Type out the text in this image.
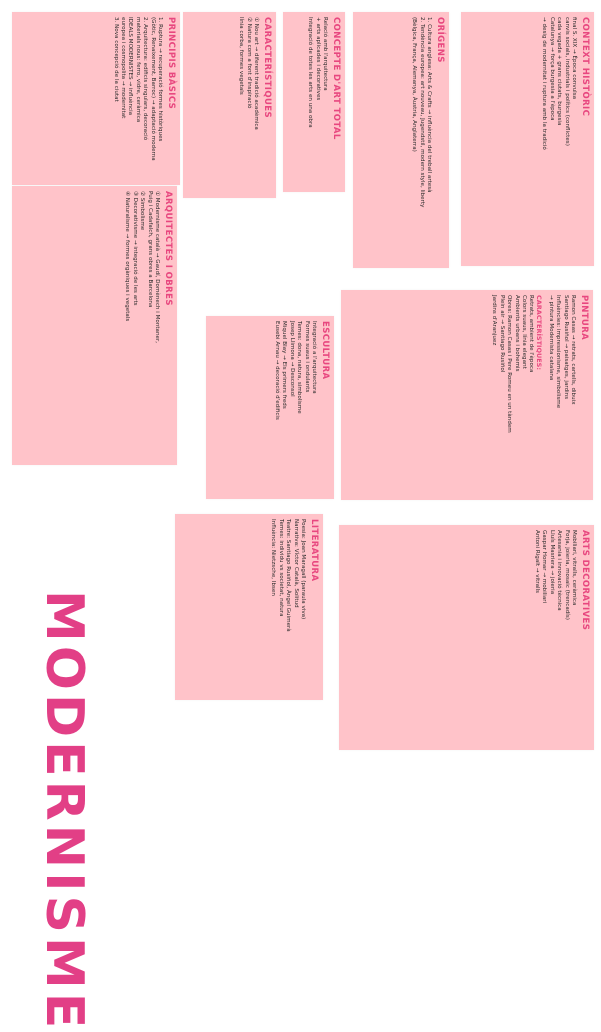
CONTEXT HISTÒRIC
final S. XIX → Època convulsa
canvis socials, industrials i polítics (conflictes)
cada vegada + grans ciutats, burgesia
Catalunya → força burgesia a l'època
→ desig de modernitat i ruptura amb la tradició
ORÍGENS
1. Cultura anglesa: Arts & Crafts → influència del treball artesà
2. Tendència europea: art nouveau, Jugendstil, modern style, liberty
(Bèlgica, França, Alemanya, Àustria, Anglaterra)
CONCEPTE D'ART TOTAL
Relació amb l'arquitectura
+ arts aplicades i decoratives
Integració de totes les arts en una obra
CARACTERÍSTIQUES
① Nou art → diferent tradició acadèmica
② Natura com a font d'inspiració
línia corba, formes vegetals
PRINCIPIS BÀSICS
1. Ruptura → recuperació formes històriques
(Gòtic, Renaixement, Barroc) → adaptació moderna
2. Arquitectura: edificis singulars, decoració
materials nous: ferro, vidre, ceràmica
IDEALS MODERNISTES → influència
europea i cosmopolita → modernitat
3. Nova concepció de la ciutat
ARQUITECTES I OBRES
① Modernisme català → Gaudí, Domènech i Montaner,
Puig i Cadafalch, grans obres a Barcelona
② Simbolisme
③ Decorativisme → integració de les arts
④ Naturalisme → formes orgàniques i vegetals	PINTURA
Ramon Casas → retrats, cartells, dibuix
Santiago Rusiñol → paisatges, jardins
Influències: impressionisme, simbolisme
→ pintura Modernista catalana
CARACTERÍSTIQUES:
Retrats, ambient de l'època
Colors suaus, línia elegant
Ambients urbans i bohemis
Obres: Ramon Casas i Pere Romeu en un tàndem
Plein air → Santiago Rusiñol
Jardins d'Aranjuez
ESCULTURA
Integració a l'arquitectura
Formes suaus i ondulants
Temes: dona, natura, simbolisme
Josep Llimona → Desconsol
Miquel Blay → Els primers freds
Eusebi Arnau → decoració d'edificis
ARTS DECORATIVES
Mobiliari, vitralls, ceràmica
Forja, joieria, mosaic (trencadís)
Artesania i innovació tècnica
Lluís Masriera → joieria
Gaspar Homar → mobiliari
Antoni Rigalt → vitralls
LITERATURA
Poesia: Joan Maragall (paraula viva)
Narrativa: Víctor Català, Solitud
Teatre: Santiago Rusiñol, Àngel Guimerà
Temes: individu vs societat, natura
Influència: Nietzsche, Ibsen
MODERNISME
